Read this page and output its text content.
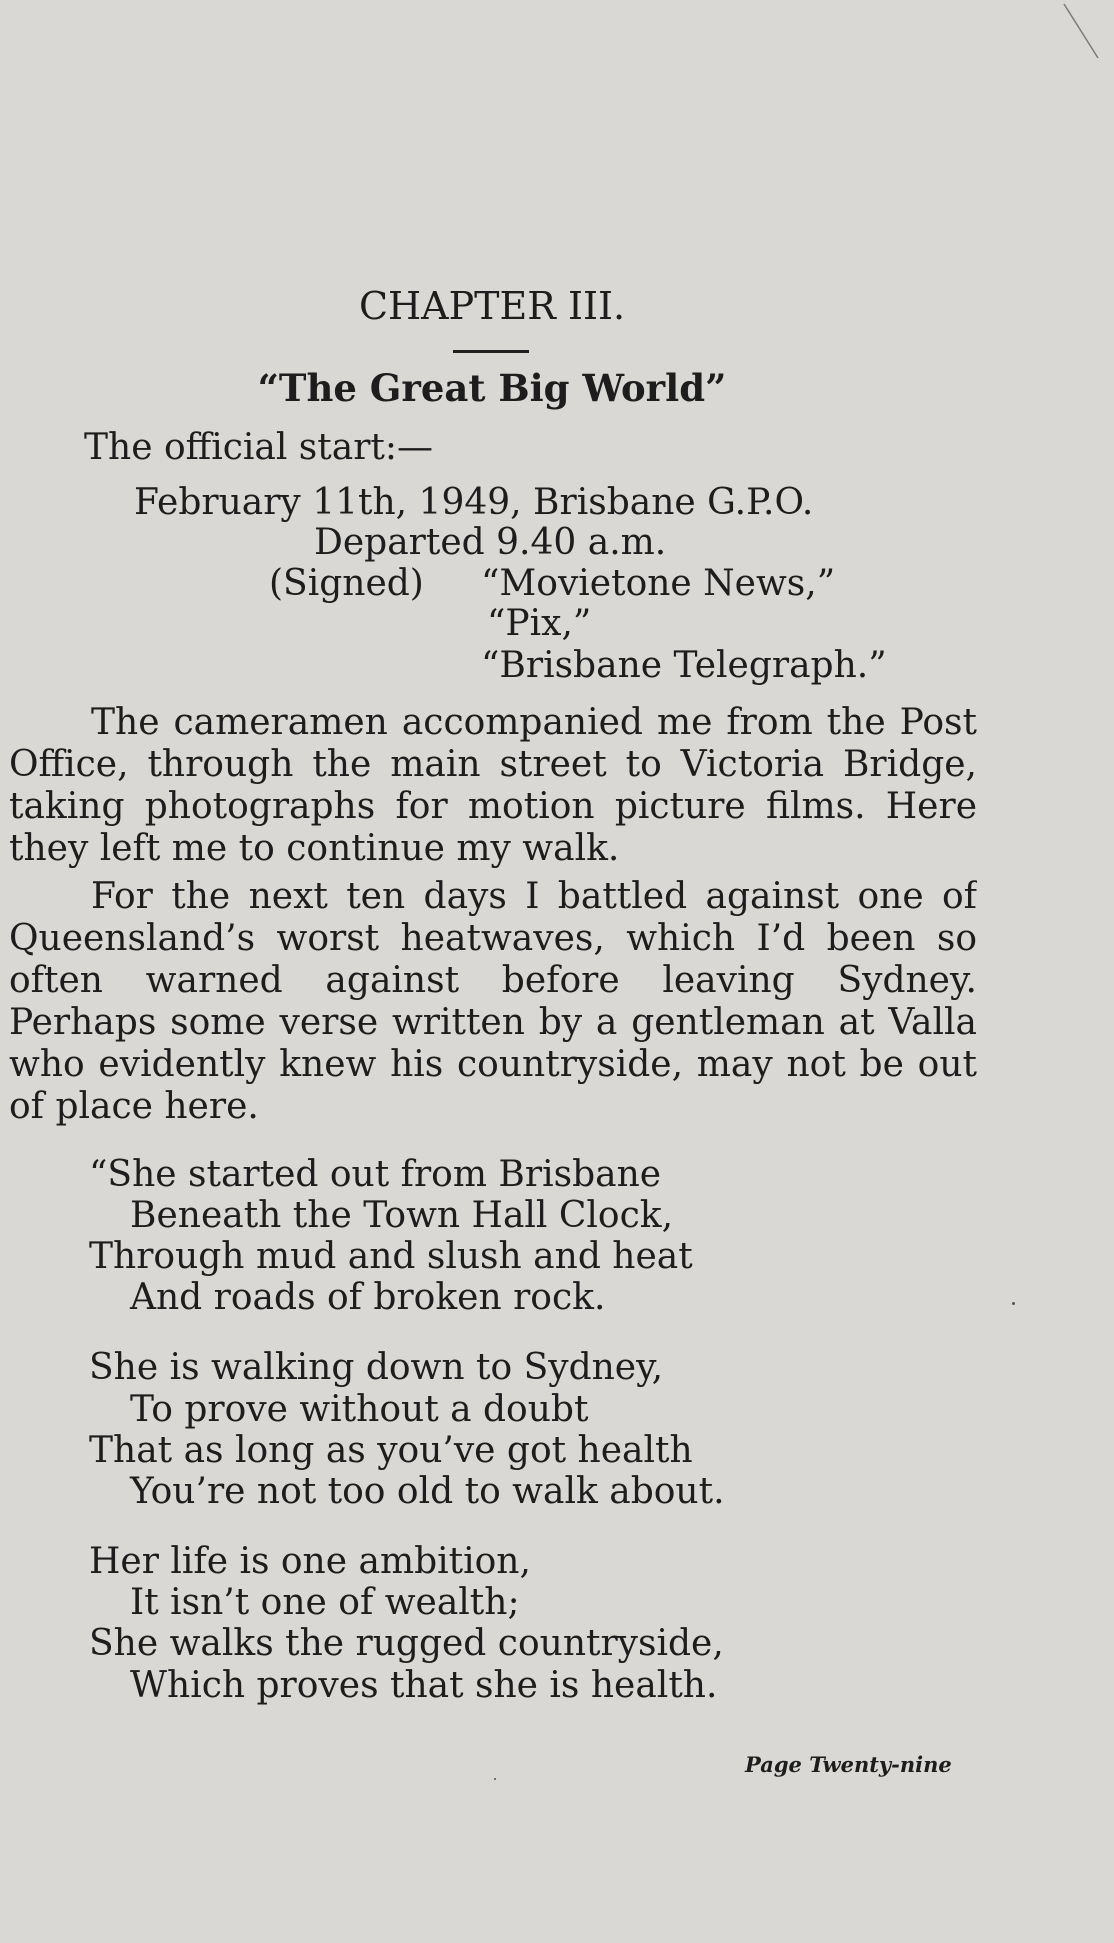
CHAPTER III.
“The Great Big World”
The official start:—
February 11th, 1949, Brisbane G.P.O.
Departed 9.40 a.m.
(Signed) “Movietone News,”
“Pix,”
“Brisbane Telegraph.”
The cameramen accompanied me from the Post
Office, through the main street to Victoria Bridge,
taking photographs for motion picture films. Here
they left me to continue my walk.
For the next ten days I battled against one of
Queensland’s worst heatwaves, which I’d been so
often warned against before leaving Sydney.
Perhaps some verse written by a gentleman at Valla
who evidently knew his countryside, may not be out
of place here.
“She started out from Brisbane
Beneath the Town Hall Clock,
Through mud and slush and heat
And roads of broken rock.
She is walking down to Sydney,
To prove without a doubt
That as long as you’ve got health
You’re not too old to walk about.
Her life is one ambition,
It isn’t one of wealth;
She walks the rugged countryside,
Which proves that she is health.
Page Twenty-nine
